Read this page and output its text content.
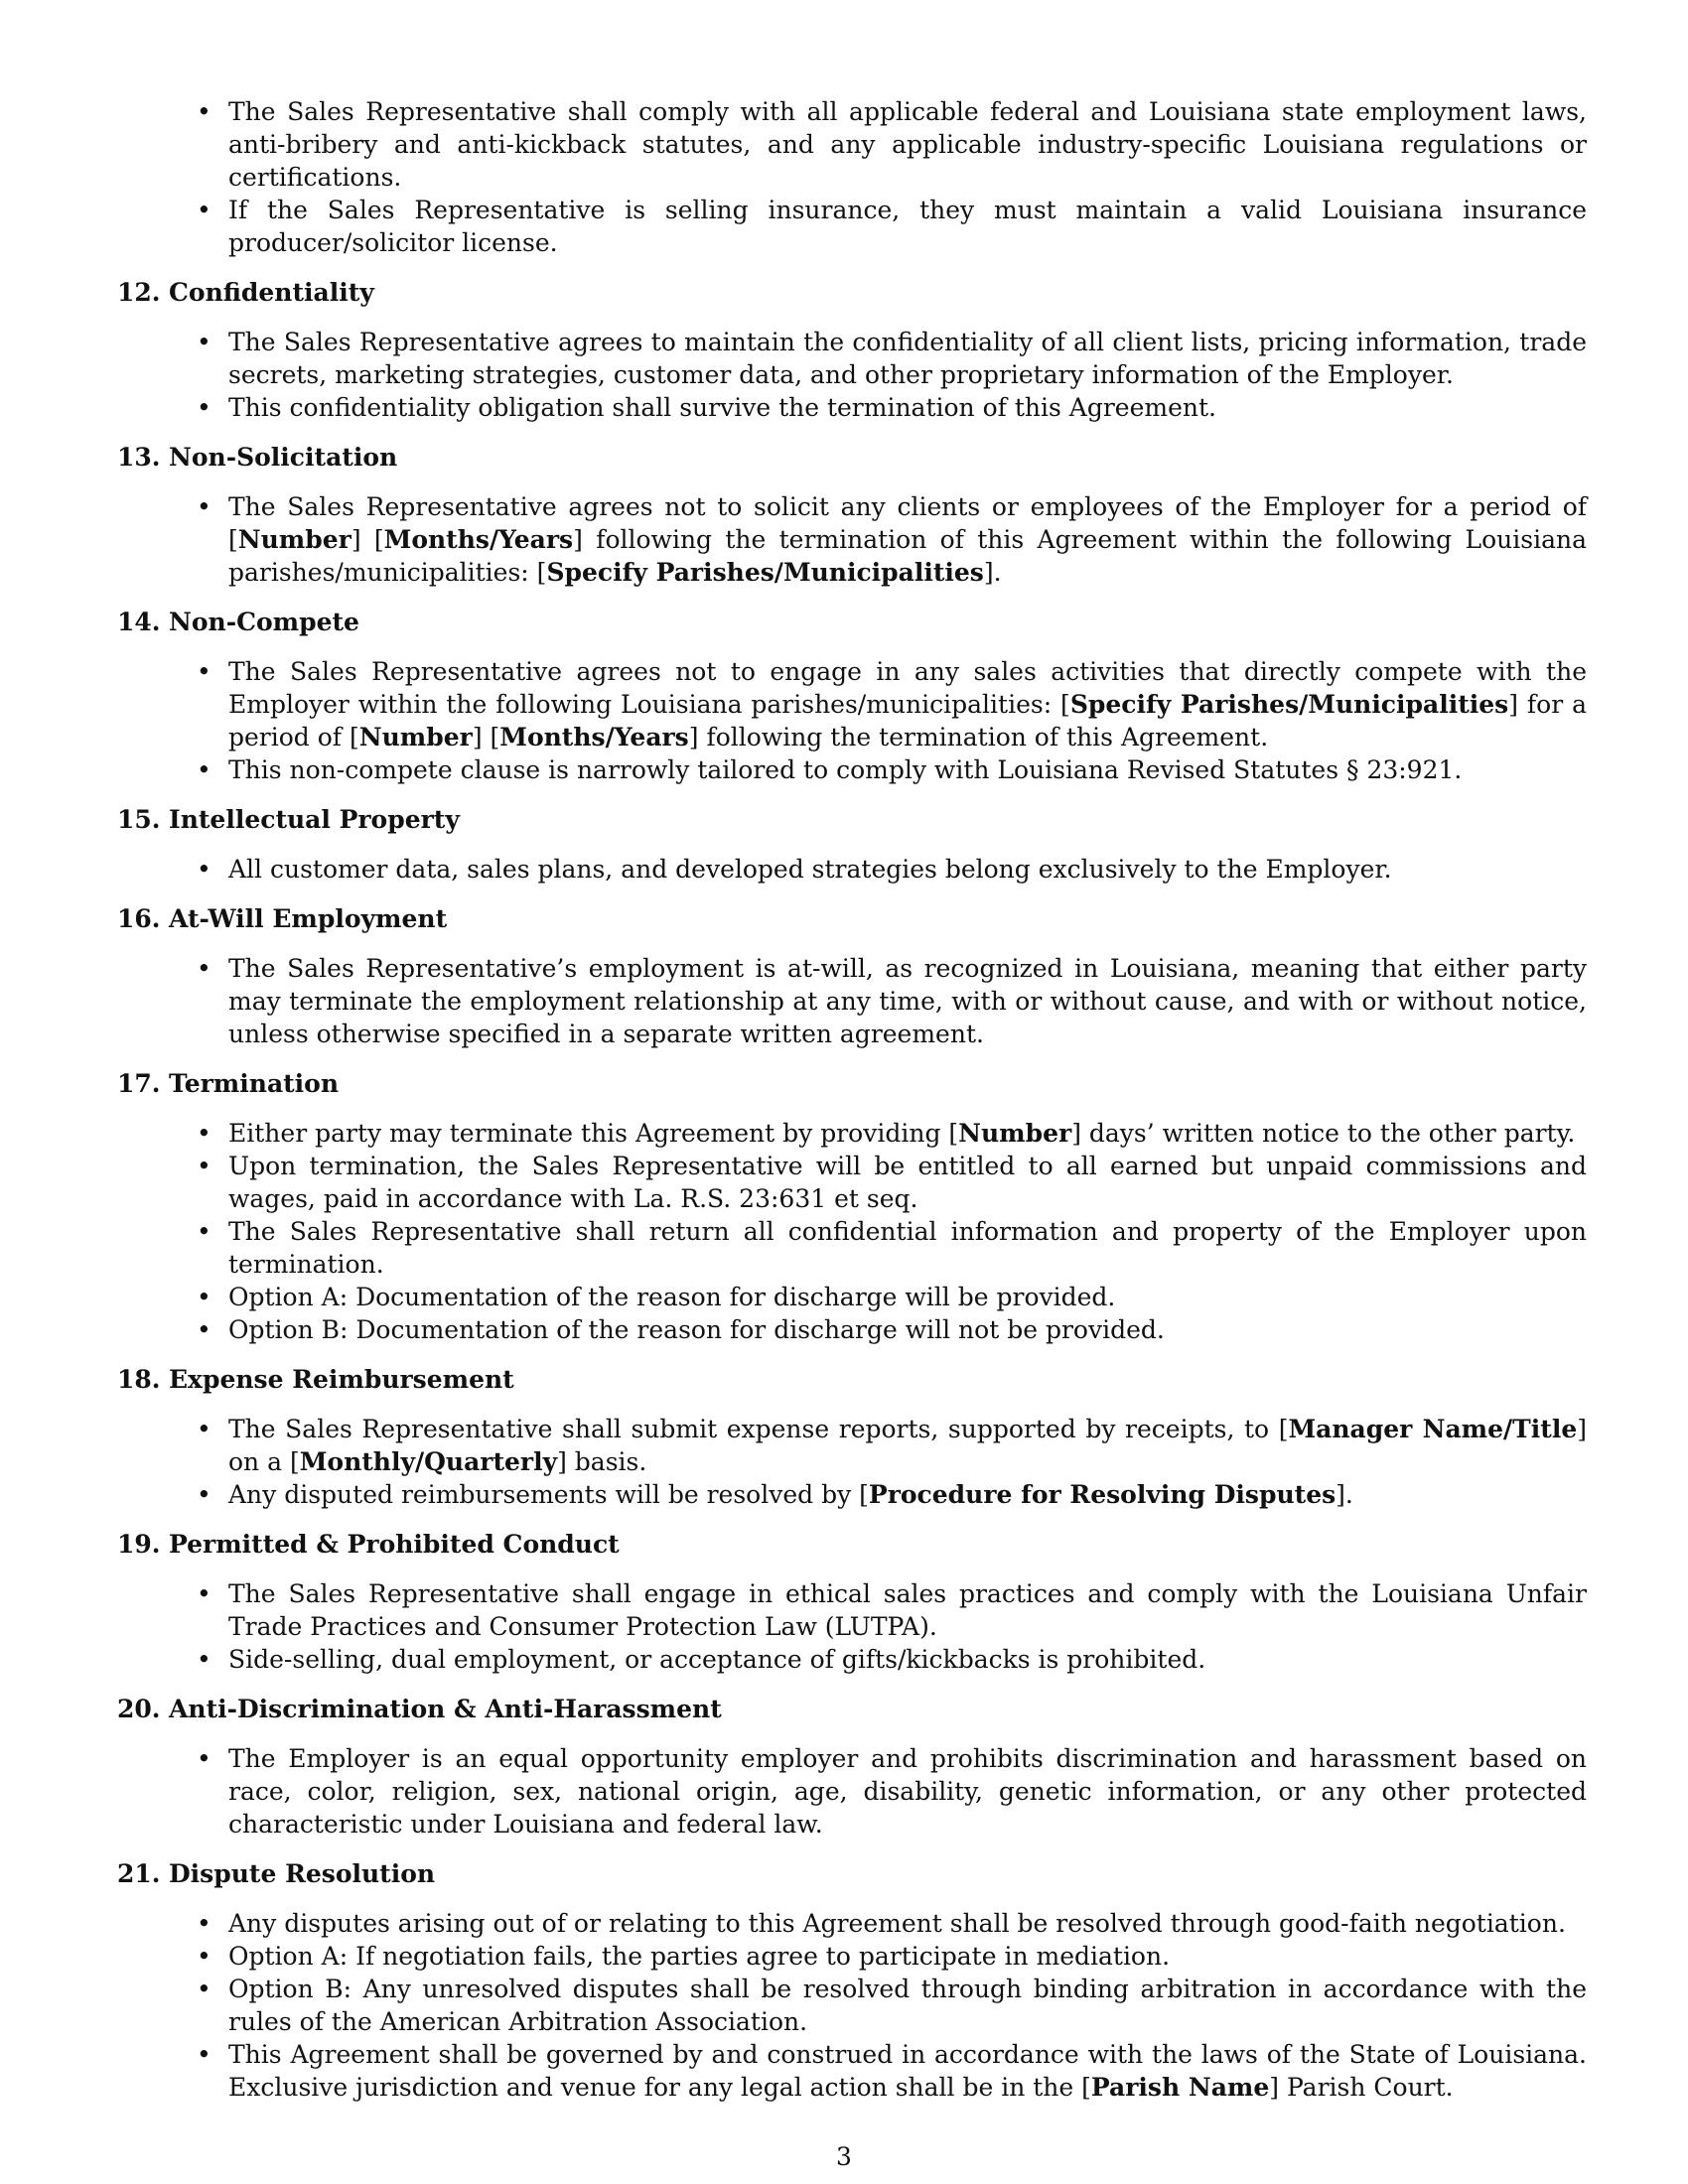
• The Sales Representative shall comply with all applicable federal and Louisiana state employment laws, anti-bribery and anti-kickback statutes, and any applicable industry-specific Louisiana regulations or certifications.
• If the Sales Representative is selling insurance, they must maintain a valid Louisiana insurance producer/solicitor license.
12. Confidentiality
• The Sales Representative agrees to maintain the confidentiality of all client lists, pricing information, trade secrets, marketing strategies, customer data, and other proprietary information of the Employer.
• This confidentiality obligation shall survive the termination of this Agreement.
13. Non-Solicitation
• The Sales Representative agrees not to solicit any clients or employees of the Employer for a period of [Number] [Months/Years] following the termination of this Agreement within the following Louisiana parishes/municipalities: [Specify Parishes/Municipalities].
14. Non-Compete
• The Sales Representative agrees not to engage in any sales activities that directly compete with the Employer within the following Louisiana parishes/municipalities: [Specify Parishes/Municipalities] for a period of [Number] [Months/Years] following the termination of this Agreement.
• This non-compete clause is narrowly tailored to comply with Louisiana Revised Statutes § 23:921.
15. Intellectual Property
• All customer data, sales plans, and developed strategies belong exclusively to the Employer.
16. At-Will Employment
• The Sales Representative’s employment is at-will, as recognized in Louisiana, meaning that either party may terminate the employment relationship at any time, with or without cause, and with or without notice, unless otherwise specified in a separate written agreement.
17. Termination
• Either party may terminate this Agreement by providing [Number] days’ written notice to the other party.
• Upon termination, the Sales Representative will be entitled to all earned but unpaid commissions and wages, paid in accordance with La. R.S. 23:631 et seq.
• The Sales Representative shall return all confidential information and property of the Employer upon termination.
• Option A: Documentation of the reason for discharge will be provided.
• Option B: Documentation of the reason for discharge will not be provided.
18. Expense Reimbursement
• The Sales Representative shall submit expense reports, supported by receipts, to [Manager Name/Title] on a [Monthly/Quarterly] basis.
• Any disputed reimbursements will be resolved by [Procedure for Resolving Disputes].
19. Permitted & Prohibited Conduct
• The Sales Representative shall engage in ethical sales practices and comply with the Louisiana Unfair Trade Practices and Consumer Protection Law (LUTPA).
• Side-selling, dual employment, or acceptance of gifts/kickbacks is prohibited.
20. Anti-Discrimination & Anti-Harassment
• The Employer is an equal opportunity employer and prohibits discrimination and harassment based on race, color, religion, sex, national origin, age, disability, genetic information, or any other protected characteristic under Louisiana and federal law.
21. Dispute Resolution
• Any disputes arising out of or relating to this Agreement shall be resolved through good-faith negotiation.
• Option A: If negotiation fails, the parties agree to participate in mediation.
• Option B: Any unresolved disputes shall be resolved through binding arbitration in accordance with the rules of the American Arbitration Association.
• This Agreement shall be governed by and construed in accordance with the laws of the State of Louisiana. Exclusive jurisdiction and venue for any legal action shall be in the [Parish Name] Parish Court.
3
